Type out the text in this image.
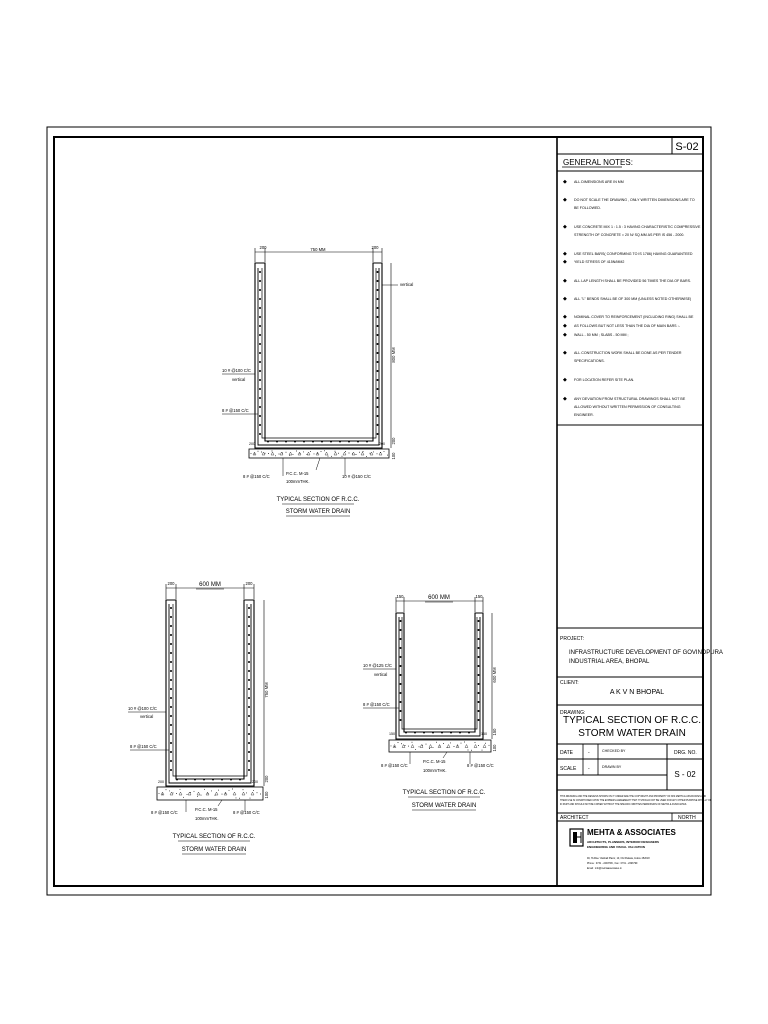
S-02
GENERAL NOTES:
◆ ALL DIMENSIONS ARE IN MM
◆ DO NOT SCALE THE DRAWING , ONLY WRITTEN DIMENSIONS ARE TO
BE FOLLOWED.
◆ USE CONCRETE MIX 1 : 1.5 : 3 HAVING CHARACTERISTIC COMPRESSIVE
STRENGTH OF CONCRETE = 20 N/ SQ.MM AS PER IS 456 - 2000.
◆ USE STEEL BARS( CONFORMING TO IS 1786) HAVING GUARANTEED
◆ YIELD STRESS OF 415N/MM2
◆ ALL LAP LENGTH SHALL BE PROVIDED 56 TIMES THE DIA OF BARS.
◆ ALL "L" BENDS SHALL BE OF 300 MM (UNLESS NOTED OTHERWISE)
◆ NOMINAL COVER TO REINFORCEMENT (INCLUDING RING) SHALL BE
◆ AS FOLLOWS BUT NOT LESS THAN THE DIA OF MAIN BARS :-
◆ WALL - 50 MM ; SLABS - 50 MM ;
◆ ALL CONSTRUCTION WORK SHALL BE DONE AS PER TENDER
SPECIFICATIONS.
◆ FOR LOCATION REFER SITE PLAN.
◆ ANY DEVIATION FROM STRUCTURAL DRAWINGS SHALL NOT BE
ALLOWED WITHOUT WRITTEN PERMISSION OF CONSULTING
ENGINEER.
PROJECT:
INFRASTRUCTURE DEVELOPMENT OF GOVINDPURA
INDUSTRIAL AREA, BHOPAL
CLIENT:
A K V N BHOPAL
DRAWING:
TYPICAL SECTION OF R.C.C.
STORM WATER DRAIN
DATE	-	CHECKED BY
SCALE -	DRAWN BY
DRG. NO.
S - 02
THIS DRAWING AND THE DESIGNS SHOWN ON IT UNDER ARE THE COPYRIGHT AND PROPERTY OF M/S MEHTA & ASSOCIATES AND
THEIR USE IS CONDITIONED UPON THE EXPRESS AGREEMENT THAT IT SHOULD NOT BE USED FOR ANY OTHER PURPOSE WHOLLY OR
IN PART AND SHOULD NOT BE COPIED WITHOUT THE SPECIFIC WRITTEN PERMISSION OF MEHTA & ASSOCIATES.
ARCHITECT	NORTH
MEHTA & ASSOCIATES
ARCHITECTS, PLANNERS, INTERIOR DESIGNERS
ENGINEERING AND VISUAL VALUATION
90, Hi-Rise 'Vaishali Plaza', 10, Old Palasia, Indore 452018
Phone : 0731 - 2493796 , Fax : 0731 - 2493799
Email : info@mehtaassociates.in
200	750 MM	200
vertical
800 MM
200
100
200	200
10 # @100 C/C
vertical
8 # @150 C/C
8 # @150 C/C
P.C.C. M-15
100mmTHK.
10 # @150 C/C
TYPICAL SECTION OF R.C.C.
STORM WATER DRAIN
200	600 MM	200
750 MM
200
100
200	200
10 # @100 C/C
vertical
8 # @150 C/C
8 # @150 C/C
P.C.C. M-15
100mmTHK.
8 # @150 C/C
TYPICAL SECTION OF R.C.C.
STORM WATER DRAIN
150	600 MM	150
600 MM
150
100
150	150
10 # @125 C/C
vertical
8 # @150 C/C
8 # @150 C/C
P.C.C. M-15
100mmTHK.
8 # @150 C/C
TYPICAL SECTION OF R.C.C.
STORM WATER DRAIN
